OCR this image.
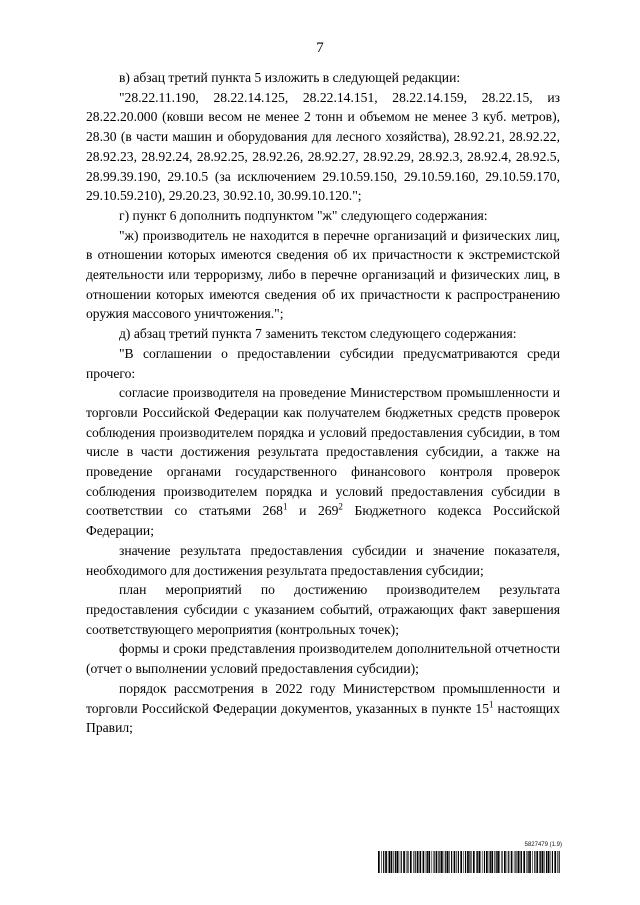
7

в) абзац третий пункта 5 изложить в следующей редакции:

"28.22.11.190, 28.22.14.125, 28.22.14.151, 28.22.14.159, 28.22.15, из 28.22.20.000 (ковши весом не менее 2 тонн и объемом не менее 3 куб. метров), 28.30 (в части машин и оборудования для лесного хозяйства), 28.92.21, 28.92.22, 28.92.23, 28.92.24, 28.92.25, 28.92.26, 28.92.27, 28.92.29, 28.92.3, 28.92.4, 28.92.5, 28.99.39.190, 29.10.5 (за исключением 29.10.59.150, 29.10.59.160, 29.10.59.170, 29.10.59.210), 29.20.23, 30.92.10, 30.99.10.120.";

г) пункт 6 дополнить подпунктом "ж" следующего содержания:

"ж) производитель не находится в перечне организаций и физических лиц, в отношении которых имеются сведения об их причастности к экстремистской деятельности или терроризму, либо в перечне организаций и физических лиц, в отношении которых имеются сведения об их причастности к распространению оружия массового уничтожения.";

д) абзац третий пункта 7 заменить текстом следующего содержания:

"В соглашении о предоставлении субсидии предусматриваются среди прочего:

согласие производителя на проведение Министерством промышленности и торговли Российской Федерации как получателем бюджетных средств проверок соблюдения производителем порядка и условий предоставления субсидии, в том числе в части достижения результата предоставления субсидии, а также на проведение органами государственного финансового контроля проверок соблюдения производителем порядка и условий предоставления субсидии в соответствии со статьями $268^1$ и $269^2$ Бюджетного кодекса Российской Федерации;

значение результата предоставления субсидии и значение показателя, необходимого для достижения результата предоставления субсидии;

план мероприятий по достижению производителем результата предоставления субсидии с указанием событий, отражающих факт завершения соответствующего мероприятия (контрольных точек);

формы и сроки представления производителем дополнительной отчетности (отчет о выполнении условий предоставления субсидии);

порядок рассмотрения в 2022 году Министерством промышленности и торговли Российской Федерации документов, указанных в пункте $15^1$ настоящих Правил;

5827479 (1.9)
